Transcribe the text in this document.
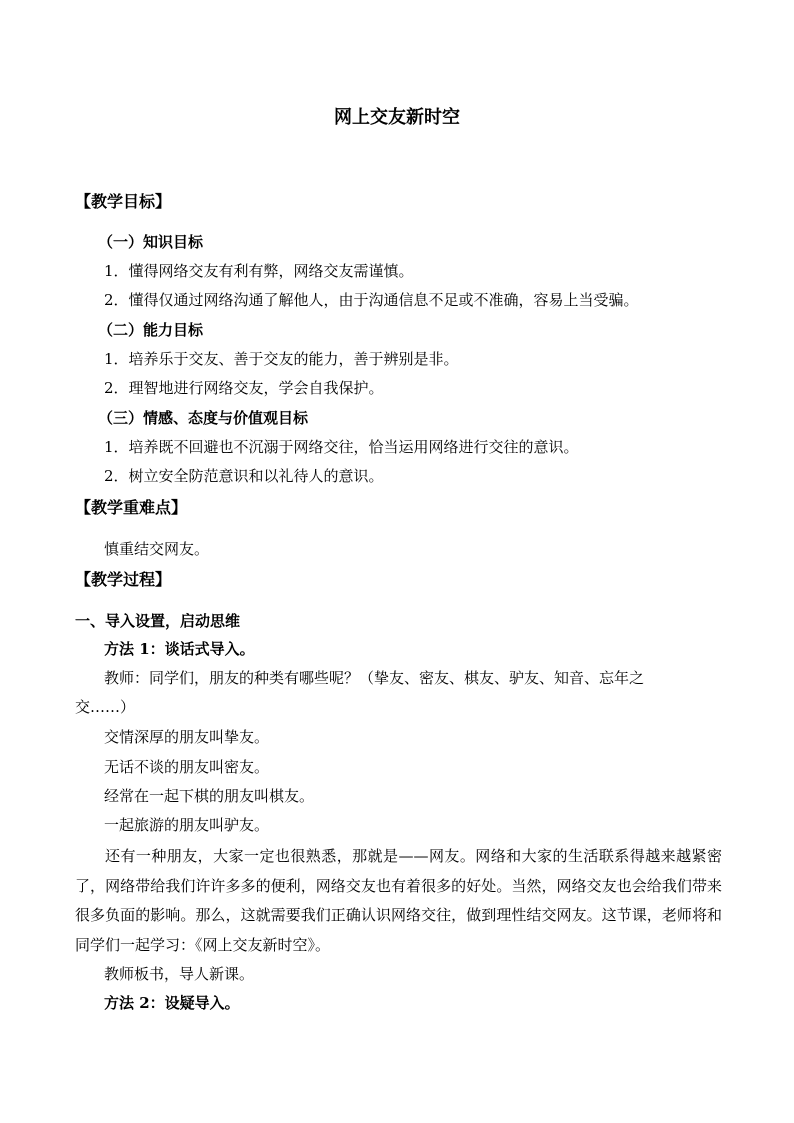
网上交友新时空
【教学目标】
（一）知识目标
1．懂得网络交友有利有弊，网络交友需谨慎。
2．懂得仅通过网络沟通了解他人，由于沟通信息不足或不准确，容易上当受骗。
（二）能力目标
1．培养乐于交友、善于交友的能力，善于辨别是非。
2．理智地进行网络交友，学会自我保护。
（三）情感、态度与价值观目标
1．培养既不回避也不沉溺于网络交往，恰当运用网络进行交往的意识。
2．树立安全防范意识和以礼待人的意识。
【教学重难点】
慎重结交网友。
【教学过程】
一、导入设置，启动思维
方法 1：谈话式导入。
教师：同学们，朋友的种类有哪些呢？（挚友、密友、棋友、驴友、知音、忘年之
交……）
交情深厚的朋友叫挚友。
无话不谈的朋友叫密友。
经常在一起下棋的朋友叫棋友。
一起旅游的朋友叫驴友。
还有一种朋友，大家一定也很熟悉，那就是——网友。网络和大家的生活联系得越来越紧密了，网络带给我们许许多多的便利，网络交友也有着很多的好处。当然，网络交友也会给我们带来很多负面的影响。那么，这就需要我们正确认识网络交往，做到理性结交网友。这节课，老师将和同学们一起学习：《网上交友新时空》。
教师板书，导人新课。
方法 2：设疑导入。
